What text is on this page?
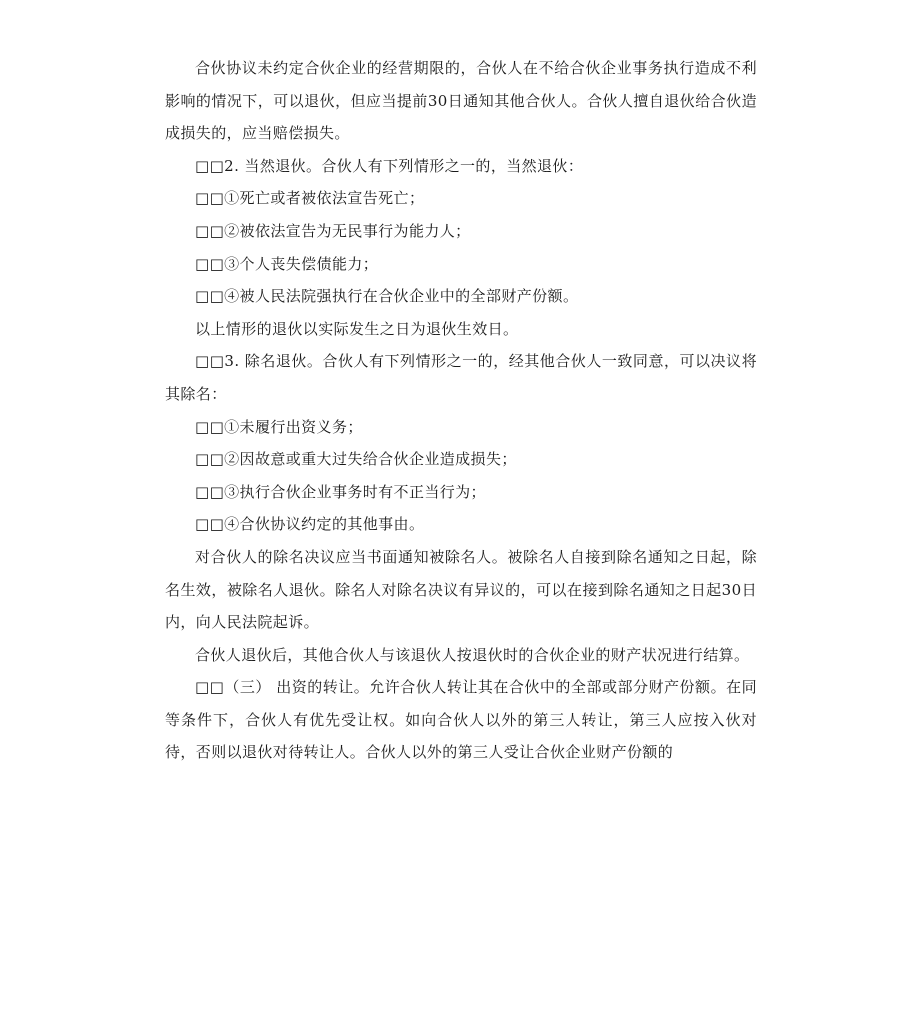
合伙协议未约定合伙企业的经营期限的，合伙人在不给合伙企业事务执行造成不利影响的情况下，可以退伙，但应当提前30日通知其他合伙人。合伙人擅自退伙给合伙造成损失的，应当赔偿损失。

□□2. 当然退伙。合伙人有下列情形之一的，当然退伙：

□□①死亡或者被依法宣告死亡；

□□②被依法宣告为无民事行为能力人；

□□③个人丧失偿债能力；

□□④被人民法院强执行在合伙企业中的全部财产份额。

以上情形的退伙以实际发生之日为退伙生效日。

□□3. 除名退伙。合伙人有下列情形之一的，经其他合伙人一致同意，可以决议将其除名：

□□①未履行出资义务；

□□②因故意或重大过失给合伙企业造成损失；

□□③执行合伙企业事务时有不正当行为；

□□④合伙协议约定的其他事由。

对合伙人的除名决议应当书面通知被除名人。被除名人自接到除名通知之日起，除名生效，被除名人退伙。除名人对除名决议有异议的，可以在接到除名通知之日起30日内，向人民法院起诉。

合伙人退伙后，其他合伙人与该退伙人按退伙时的合伙企业的财产状况进行结算。

□□（三） 出资的转让。允许合伙人转让其在合伙中的全部或部分财产份额。在同等条件下，合伙人有优先受让权。如向合伙人以外的第三人转让，第三人应按入伙对待，否则以退伙对待转让人。合伙人以外的第三人受让合伙企业财产份额的
